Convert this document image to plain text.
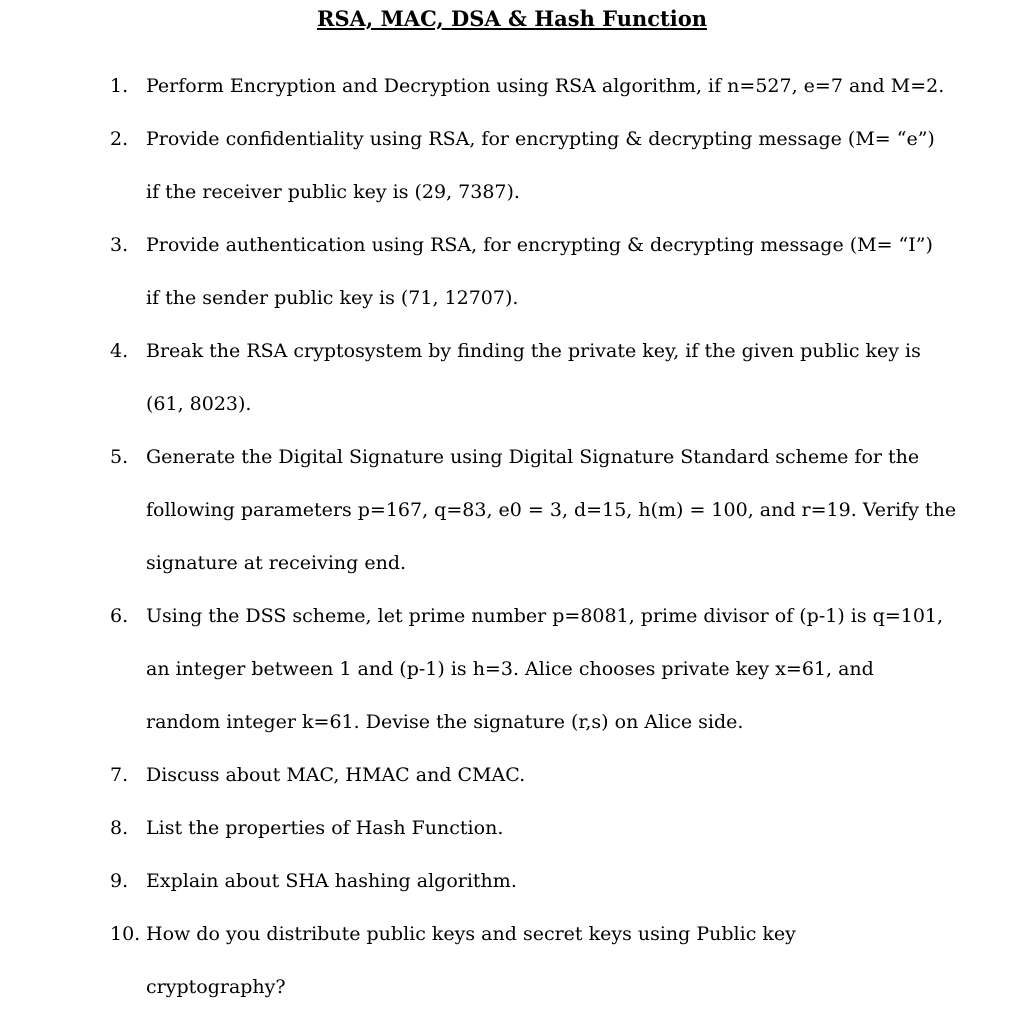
RSA, MAC, DSA & Hash Function
1. Perform Encryption and Decryption using RSA algorithm, if n=527, e=7 and M=2.
2. Provide confidentiality using RSA, for encrypting & decrypting message (M= “e”)
if the receiver public key is (29, 7387).
3. Provide authentication using RSA, for encrypting & decrypting message (M= “I”)
if the sender public key is (71, 12707).
4. Break the RSA cryptosystem by finding the private key, if the given public key is
(61, 8023).
5. Generate the Digital Signature using Digital Signature Standard scheme for the
following parameters p=167, q=83, e0 = 3, d=15, h(m) = 100, and r=19. Verify the
signature at receiving end.
6. Using the DSS scheme, let prime number p=8081, prime divisor of (p-1) is q=101,
an integer between 1 and (p-1) is h=3. Alice chooses private key x=61, and
random integer k=61. Devise the signature (r,s) on Alice side.
7. Discuss about MAC, HMAC and CMAC.
8. List the properties of Hash Function.
9. Explain about SHA hashing algorithm.
10. How do you distribute public keys and secret keys using Public key
cryptography?
